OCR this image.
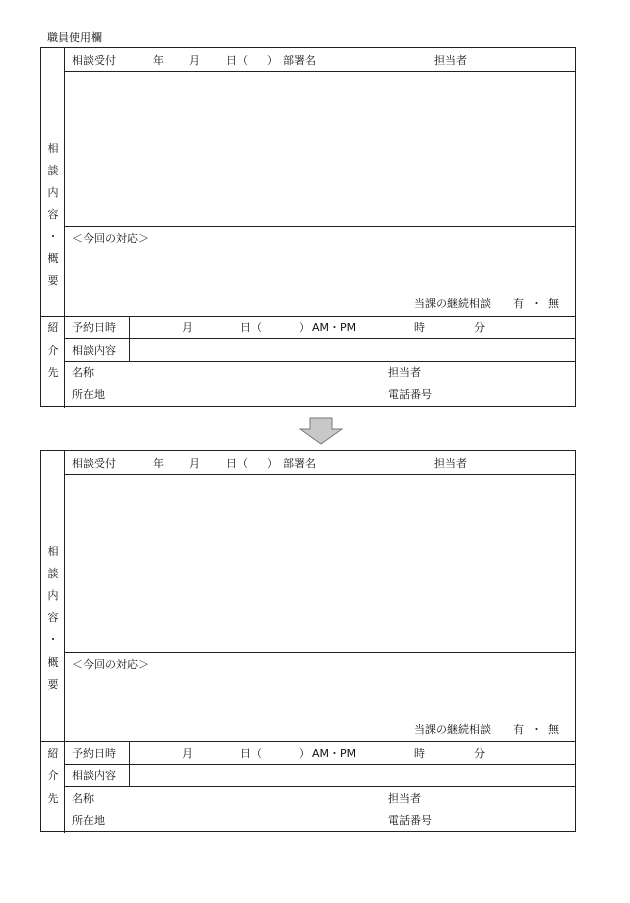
職員使用欄
相談受付	年 月 日（ ） 部署名	担当者
相
談
内
容
・
概
要
＜今回の対応＞
当課の継続相談 有 ・ 無
紹
介
先
予約日時	月	日（	） AM・PM	時	分
相談内容
名称	担当者
所在地	電話番号
相談受付	年 月 日（ ） 部署名	担当者
相
談
内
容
・
概
要
＜今回の対応＞
当課の継続相談 有 ・ 無
紹
介
先
予約日時	月	日（	） AM・PM	時	分
相談内容
名称	担当者
所在地	電話番号
